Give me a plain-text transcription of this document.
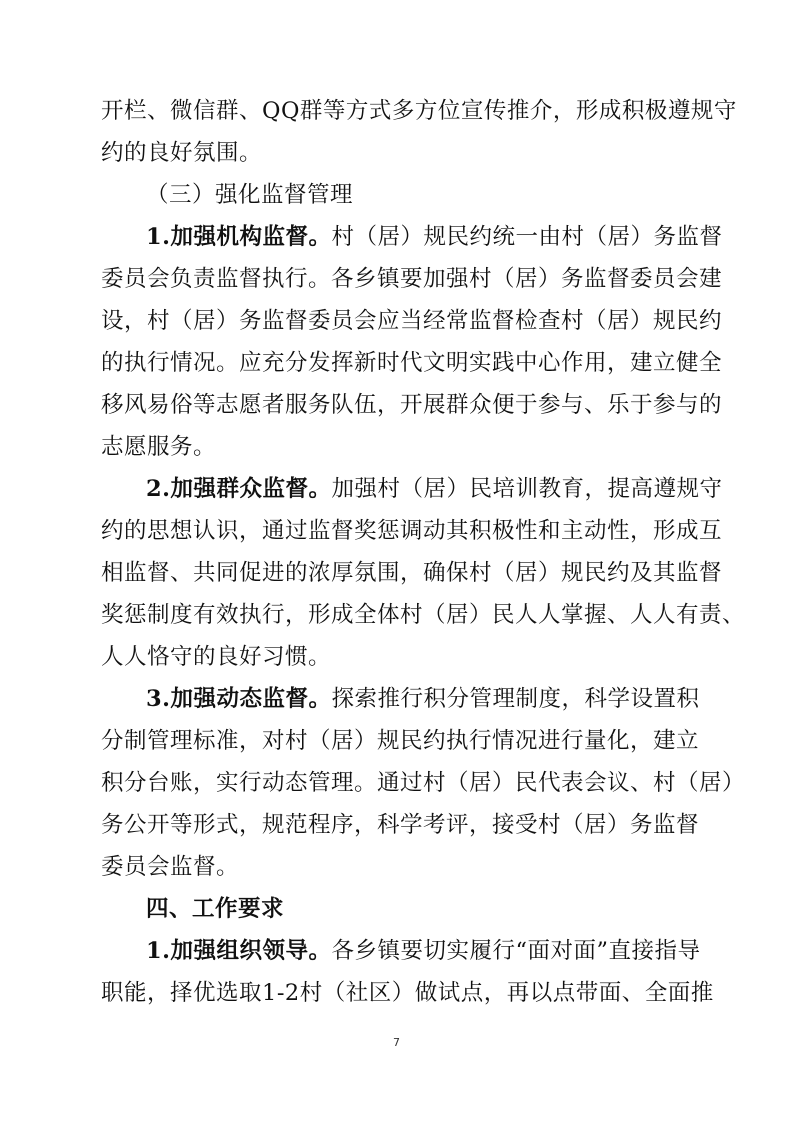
开栏、微信群、QQ群等方式多方位宣传推介，形成积极遵规守
约的良好氛围。
（三）强化监督管理
1.加强机构监督。村（居）规民约统一由村（居）务监督
委员会负责监督执行。各乡镇要加强村（居）务监督委员会建
设，村（居）务监督委员会应当经常监督检查村（居）规民约
的执行情况。应充分发挥新时代文明实践中心作用，建立健全
移风易俗等志愿者服务队伍，开展群众便于参与、乐于参与的
志愿服务。
2.加强群众监督。加强村（居）民培训教育，提高遵规守
约的思想认识，通过监督奖惩调动其积极性和主动性，形成互
相监督、共同促进的浓厚氛围，确保村（居）规民约及其监督
奖惩制度有效执行，形成全体村（居）民人人掌握、人人有责、
人人恪守的良好习惯。
3.加强动态监督。探索推行积分管理制度，科学设置积
分制管理标准，对村（居）规民约执行情况进行量化，建立
积分台账，实行动态管理。通过村（居）民代表会议、村（居）
务公开等形式，规范程序，科学考评，接受村（居）务监督
委员会监督。
四、工作要求
1.加强组织领导。各乡镇要切实履行“面对面”直接指导
职能，择优选取1-2村（社区）做试点，再以点带面、全面推
7
